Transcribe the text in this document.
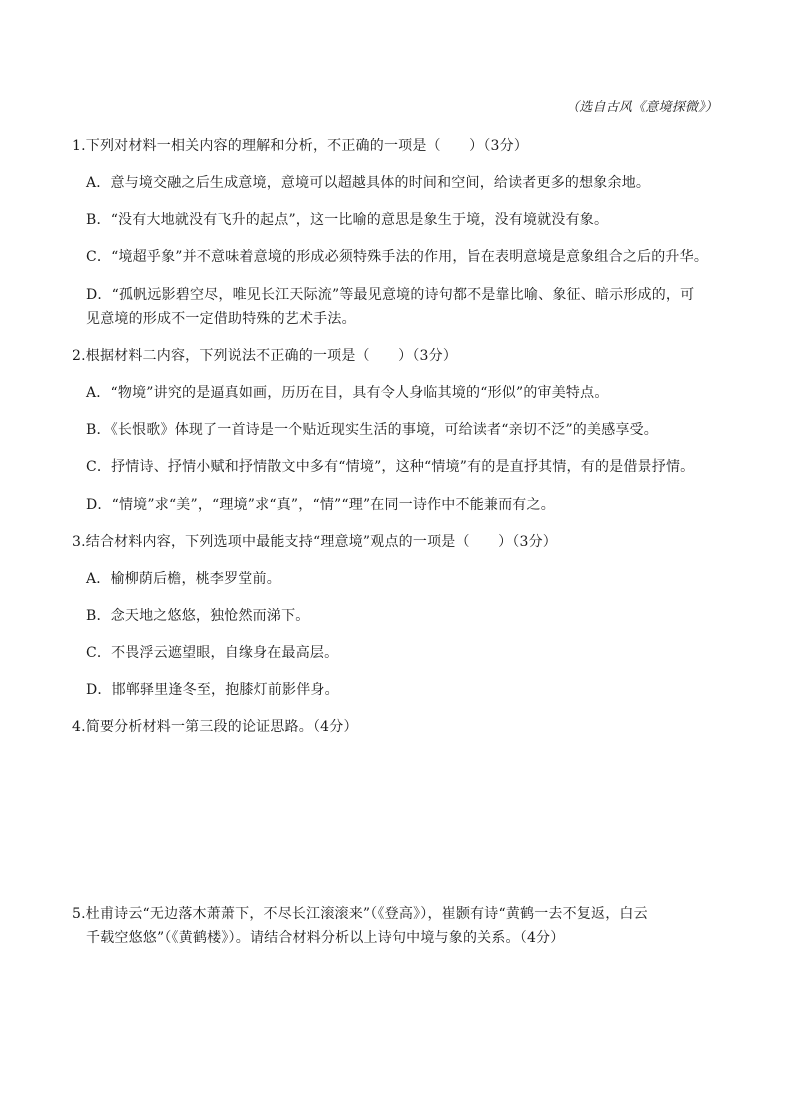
（选自古风《意境探微》）
1.下列对材料一相关内容的理解和分析，不正确的一项是（　　）（3分）
A．意与境交融之后生成意境，意境可以超越具体的时间和空间，给读者更多的想象余地。
B．“没有大地就没有飞升的起点”，这一比喻的意思是象生于境，没有境就没有象。
C．“境超乎象”并不意味着意境的形成必须特殊手法的作用，旨在表明意境是意象组合之后的升华。
D．“孤帆远影碧空尽，唯见长江天际流”等最见意境的诗句都不是靠比喻、象征、暗示形成的，可
见意境的形成不一定借助特殊的艺术手法。
2.根据材料二内容，下列说法不正确的一项是（　　）（3分）
A．“物境”讲究的是逼真如画，历历在目，具有令人身临其境的“形似”的审美特点。
B．《长恨歌》体现了一首诗是一个贴近现实生活的事境，可给读者“亲切不泛”的美感享受。
C．抒情诗、抒情小赋和抒情散文中多有“情境”，这种“情境”有的是直抒其情，有的是借景抒情。
D．“情境”求“美”，“理境”求“真”，“情”“理”在同一诗作中不能兼而有之。
3.结合材料内容，下列选项中最能支持“理意境”观点的一项是（　　）（3分）
A．榆柳荫后檐，桃李罗堂前。
B．念天地之悠悠，独怆然而涕下。
C．不畏浮云遮望眼，自缘身在最高层。
D．邯郸驿里逢冬至，抱膝灯前影伴身。
4.简要分析材料一第三段的论证思路。（4分）
5.杜甫诗云“无边落木萧萧下，不尽长江滚滚来”（《登高》），崔颢有诗“黄鹤一去不复返，白云
千载空悠悠”（《黄鹤楼》）。请结合材料分析以上诗句中境与象的关系。（4分）
